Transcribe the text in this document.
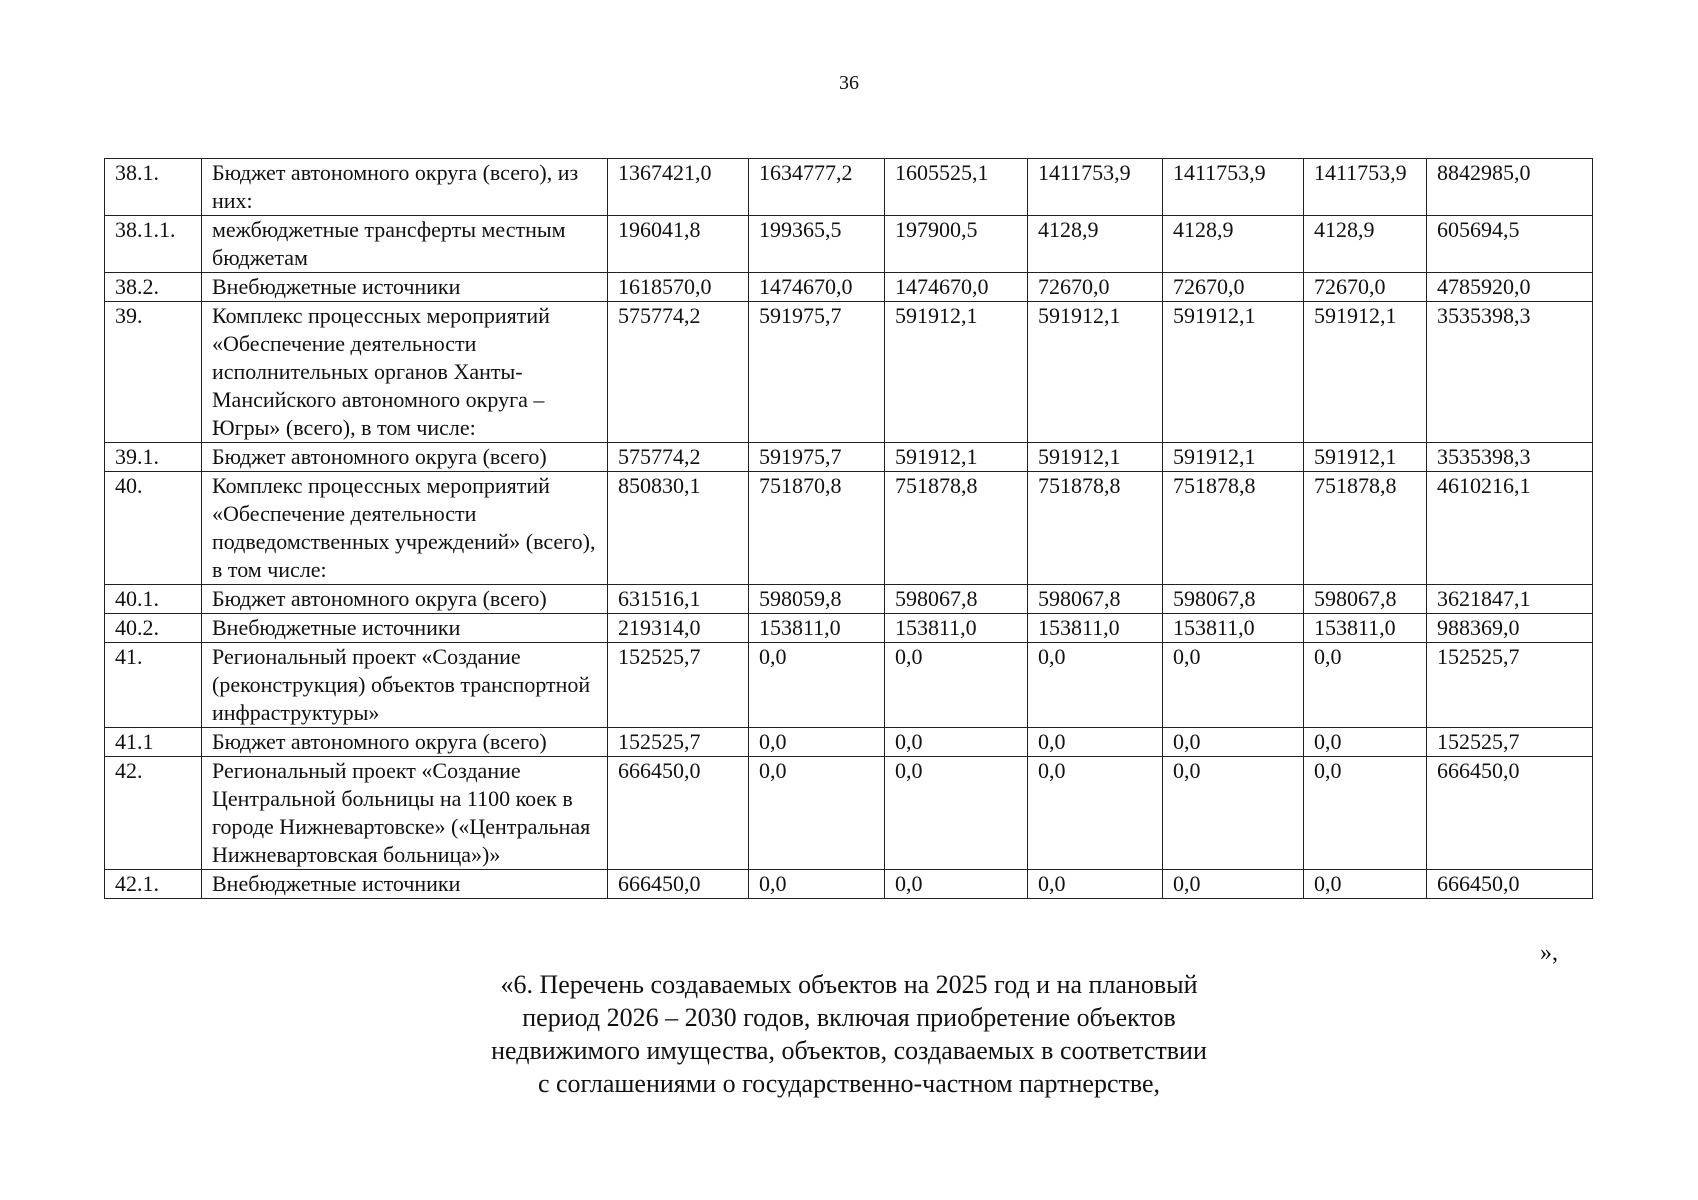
36
38.1.	Бюджет автономного округа (всего), из них:	1367421,0	1634777,2	1605525,1	1411753,9	1411753,9	1411753,9	8842985,0
38.1.1.	межбюджетные трансферты местным бюджетам	196041,8	199365,5	197900,5	4128,9	4128,9	4128,9	605694,5
38.2.	Внебюджетные источники	1618570,0	1474670,0	1474670,0	72670,0	72670,0	72670,0	4785920,0
39.	Комплекс процессных мероприятий «Обеспечение деятельности исполнительных органов Ханты-Мансийского автономного округа – Югры» (всего), в том числе:	575774,2	591975,7	591912,1	591912,1	591912,1	591912,1	3535398,3
39.1.	Бюджет автономного округа (всего)	575774,2	591975,7	591912,1	591912,1	591912,1	591912,1	3535398,3
40.	Комплекс процессных мероприятий «Обеспечение деятельности подведомственных учреждений» (всего), в том числе:	850830,1	751870,8	751878,8	751878,8	751878,8	751878,8	4610216,1
40.1.	Бюджет автономного округа (всего)	631516,1	598059,8	598067,8	598067,8	598067,8	598067,8	3621847,1
40.2.	Внебюджетные источники	219314,0	153811,0	153811,0	153811,0	153811,0	153811,0	988369,0
41.	Региональный проект «Создание (реконструкция) объектов транспортной инфраструктуры»	152525,7	0,0	0,0	0,0	0,0	0,0	152525,7
41.1	Бюджет автономного округа (всего)	152525,7	0,0	0,0	0,0	0,0	0,0	152525,7
42.	Региональный проект «Создание Центральной больницы на 1100 коек в городе Нижневартовске» («Центральная Нижневартовская больница»)»	666450,0	0,0	0,0	0,0	0,0	0,0	666450,0
42.1.	Внебюджетные источники	666450,0	0,0	0,0	0,0	0,0	0,0	666450,0
»,
«6. Перечень создаваемых объектов на 2025 год и на плановый
период 2026 – 2030 годов, включая приобретение объектов
недвижимого имущества, объектов, создаваемых в соответствии
с соглашениями о государственно-частном партнерстве,
